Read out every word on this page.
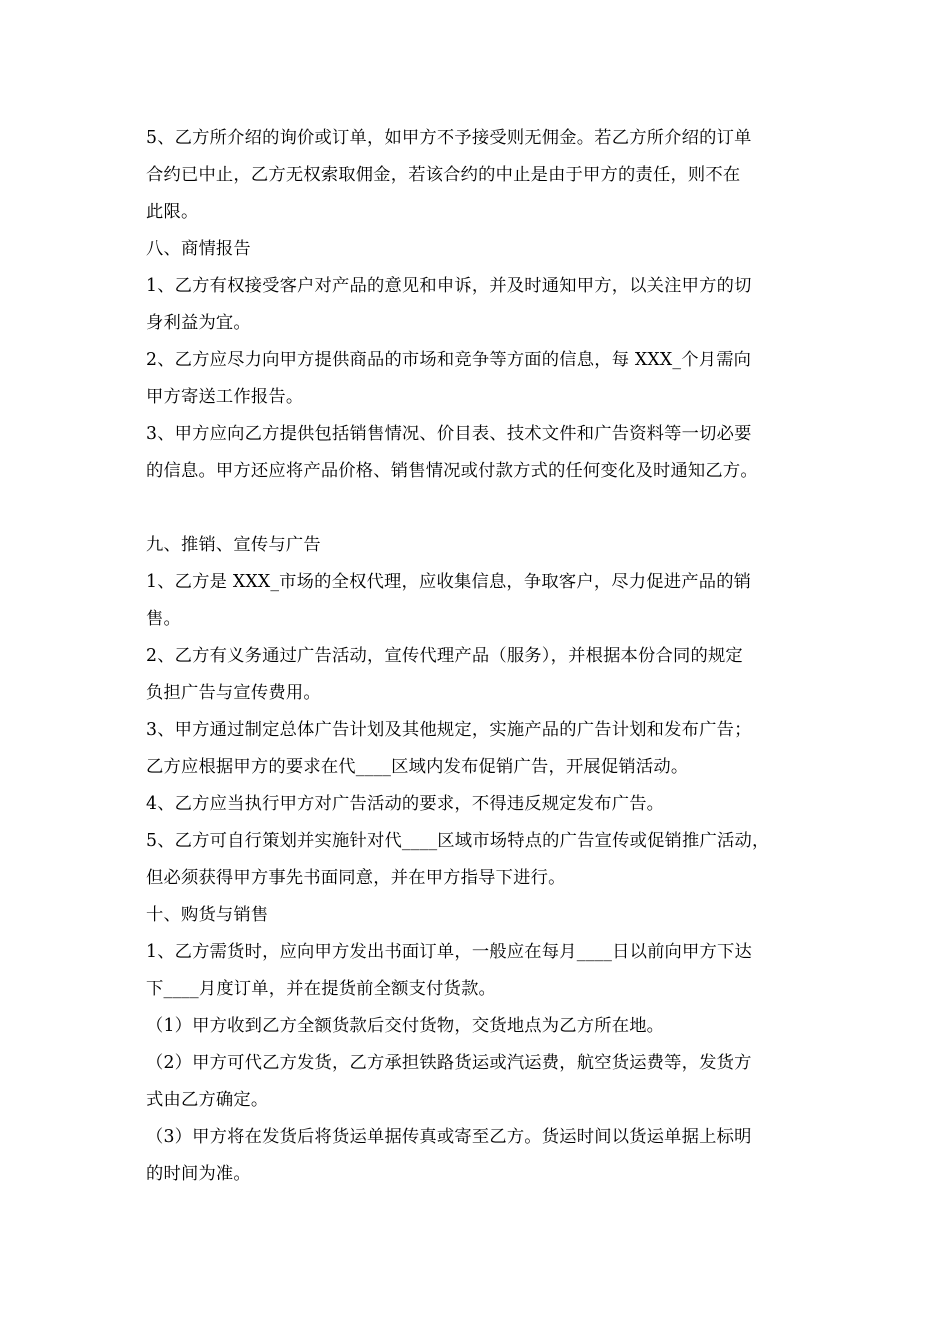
5、乙方所介绍的询价或订单，如甲方不予接受则无佣金。若乙方所介绍的订单
合约已中止，乙方无权索取佣金，若该合约的中止是由于甲方的责任，则不在
此限。
八、商情报告
1、乙方有权接受客户对产品的意见和申诉，并及时通知甲方，以关注甲方的切
身利益为宜。
2、乙方应尽力向甲方提供商品的市场和竞争等方面的信息，每 XXX_个月需向
甲方寄送工作报告。
3、甲方应向乙方提供包括销售情况、价目表、技术文件和广告资料等一切必要
的信息。甲方还应将产品价格、销售情况或付款方式的任何变化及时通知乙方。
九、推销、宣传与广告
1、乙方是 XXX_市场的全权代理，应收集信息，争取客户，尽力促进产品的销
售。
2、乙方有义务通过广告活动，宣传代理产品（服务），并根据本份合同的规定
负担广告与宣传费用。
3、甲方通过制定总体广告计划及其他规定，实施产品的广告计划和发布广告；
乙方应根据甲方的要求在代____区域内发布促销广告，开展促销活动。
4、乙方应当执行甲方对广告活动的要求，不得违反规定发布广告。
5、乙方可自行策划并实施针对代____区域市场特点的广告宣传或促销推广活动，
但必须获得甲方事先书面同意，并在甲方指导下进行。
十、购货与销售
1、乙方需货时，应向甲方发出书面订单，一般应在每月____日以前向甲方下达
下____月度订单，并在提货前全额支付货款。
（1）甲方收到乙方全额货款后交付货物，交货地点为乙方所在地。
（2）甲方可代乙方发货，乙方承担铁路货运或汽运费，航空货运费等，发货方
式由乙方确定。
（3）甲方将在发货后将货运单据传真或寄至乙方。货运时间以货运单据上标明
的时间为准。
